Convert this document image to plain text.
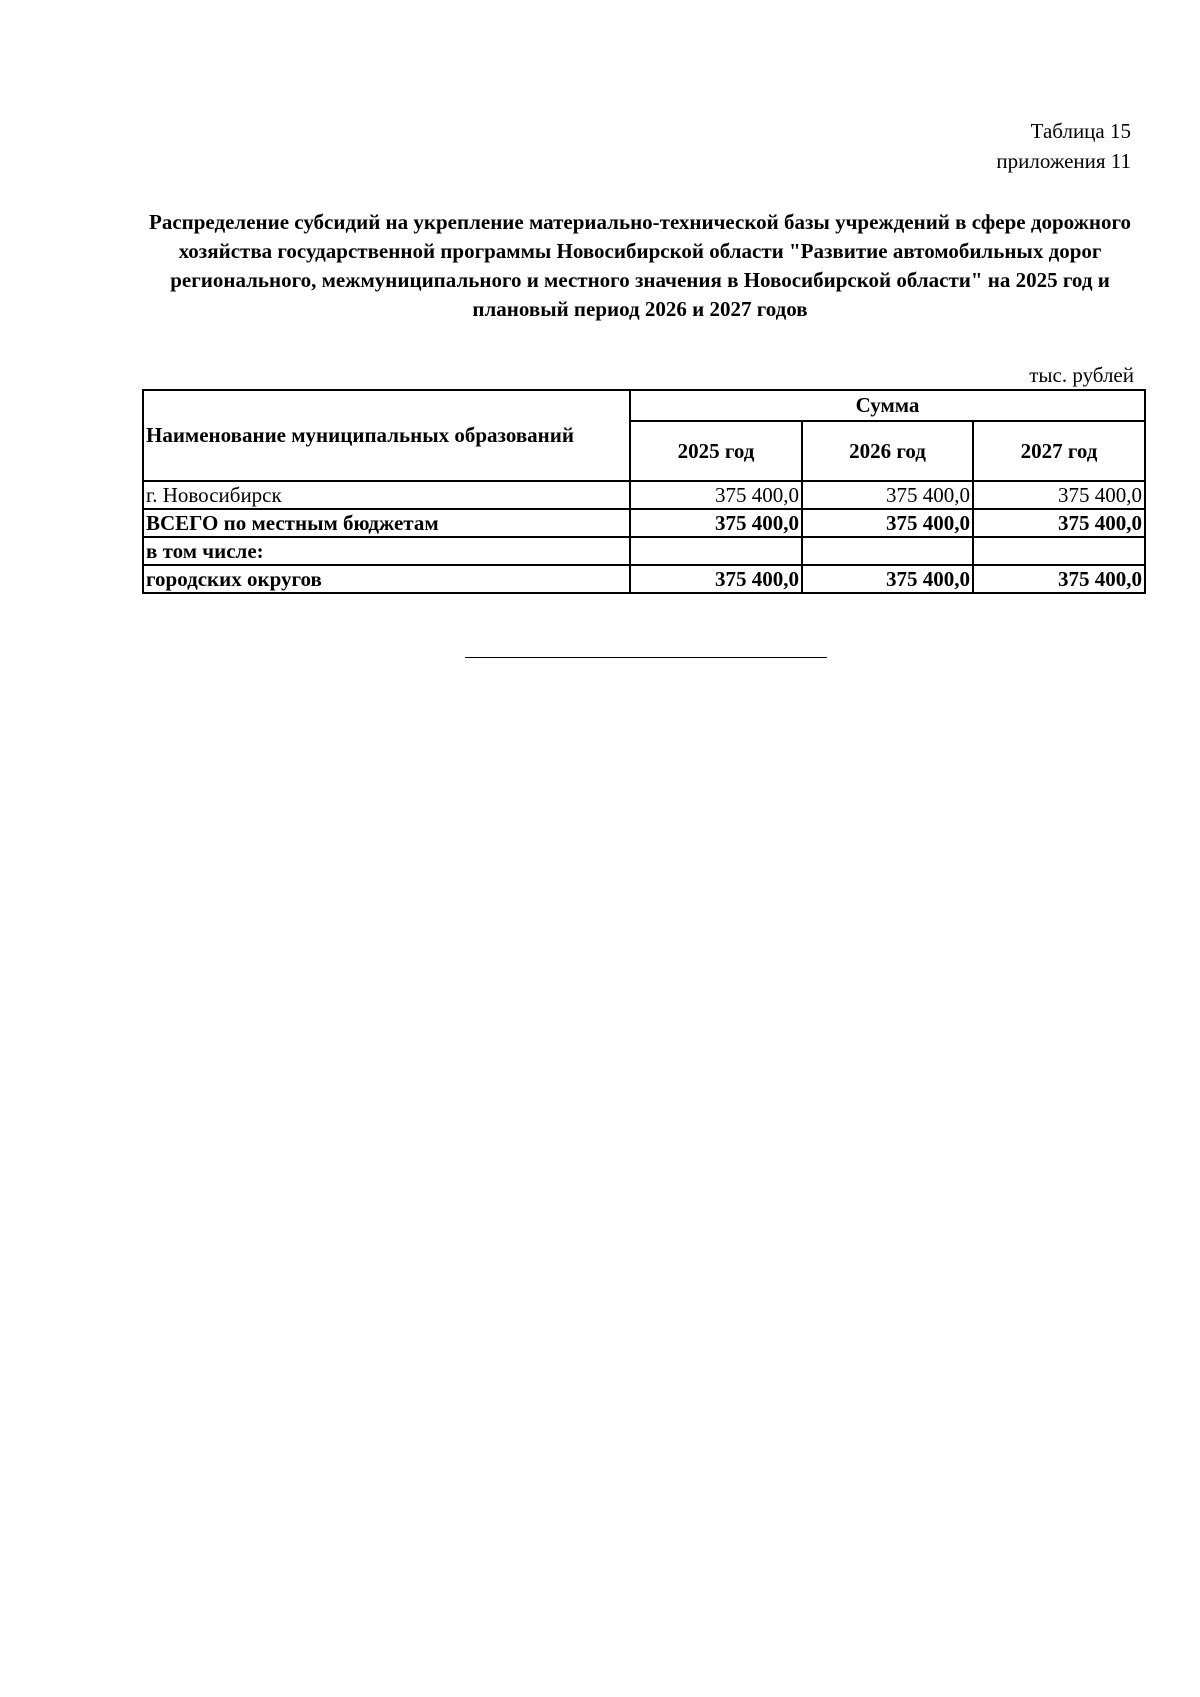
Таблица 15
приложения 11
Распределение субсидий на укрепление материально-технической базы учреждений в сфере дорожного хозяйства государственной программы Новосибирской области "Развитие автомобильных дорог регионального, межмуниципального и местного значения в Новосибирской области" на 2025 год и плановый период 2026 и 2027 годов
тыс. рублей
Наименование муниципальных образований	Сумма		
	2025 год	2026 год	2027 год
г. Новосибирск	375 400,0	375 400,0	375 400,0
ВСЕГО по местным бюджетам	375 400,0	375 400,0	375 400,0
в том числе:			
городских округов	375 400,0	375 400,0	375 400,0
